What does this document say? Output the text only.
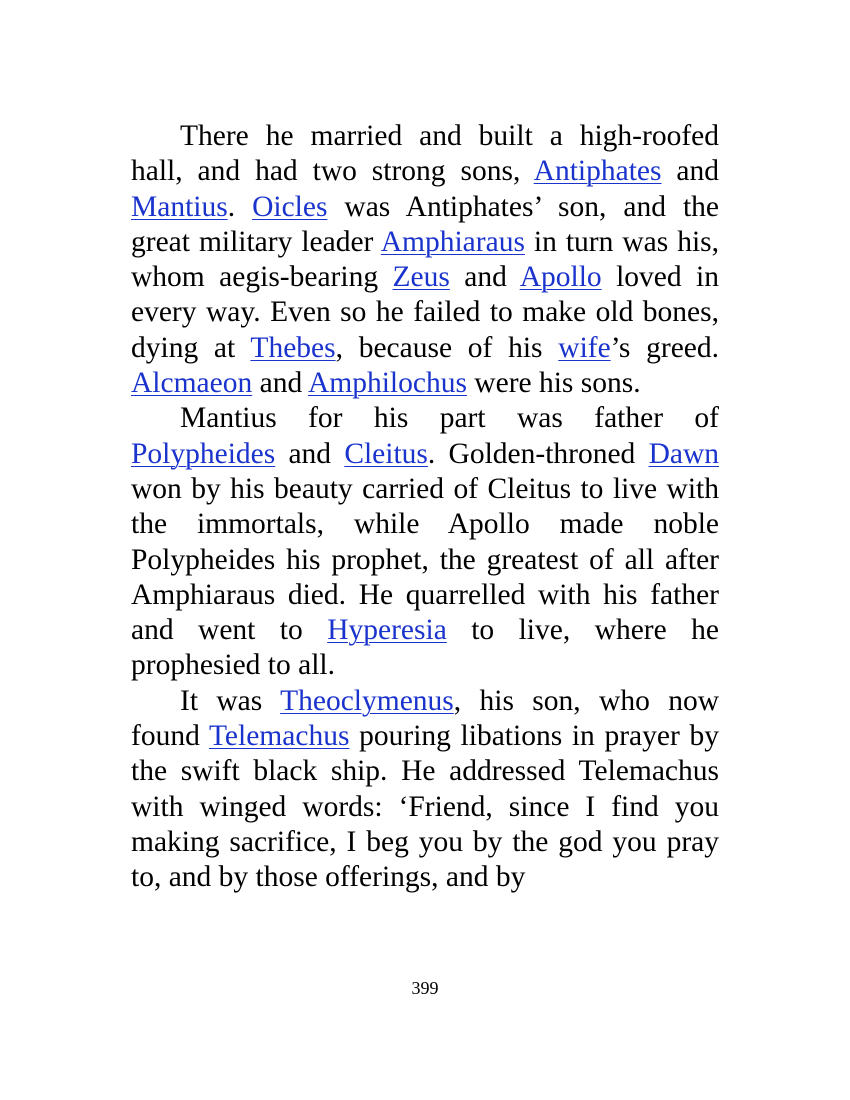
There he married and built a high-roofed hall, and had two strong sons, Antiphates and Mantius. Oicles was Antiphates’ son, and the great military leader Amphiaraus in turn was his, whom aegis-bearing Zeus and Apollo loved in every way. Even so he failed to make old bones, dying at Thebes, because of his wife’s greed. Alcmaeon and Amphilochus were his sons.

Mantius for his part was father of Polypheides and Cleitus. Golden-throned Dawn won by his beauty carried of Cleitus to live with the immortals, while Apollo made noble Polypheides his prophet, the greatest of all after Amphiaraus died. He quarrelled with his father and went to Hyperesia to live, where he prophesied to all.

It was Theoclymenus, his son, who now found Telemachus pouring libations in prayer by the swift black ship. He addressed Telemachus with winged words: ‘Friend, since I find you making sacrifice, I beg you by the god you pray to, and by those offerings, and by

399
